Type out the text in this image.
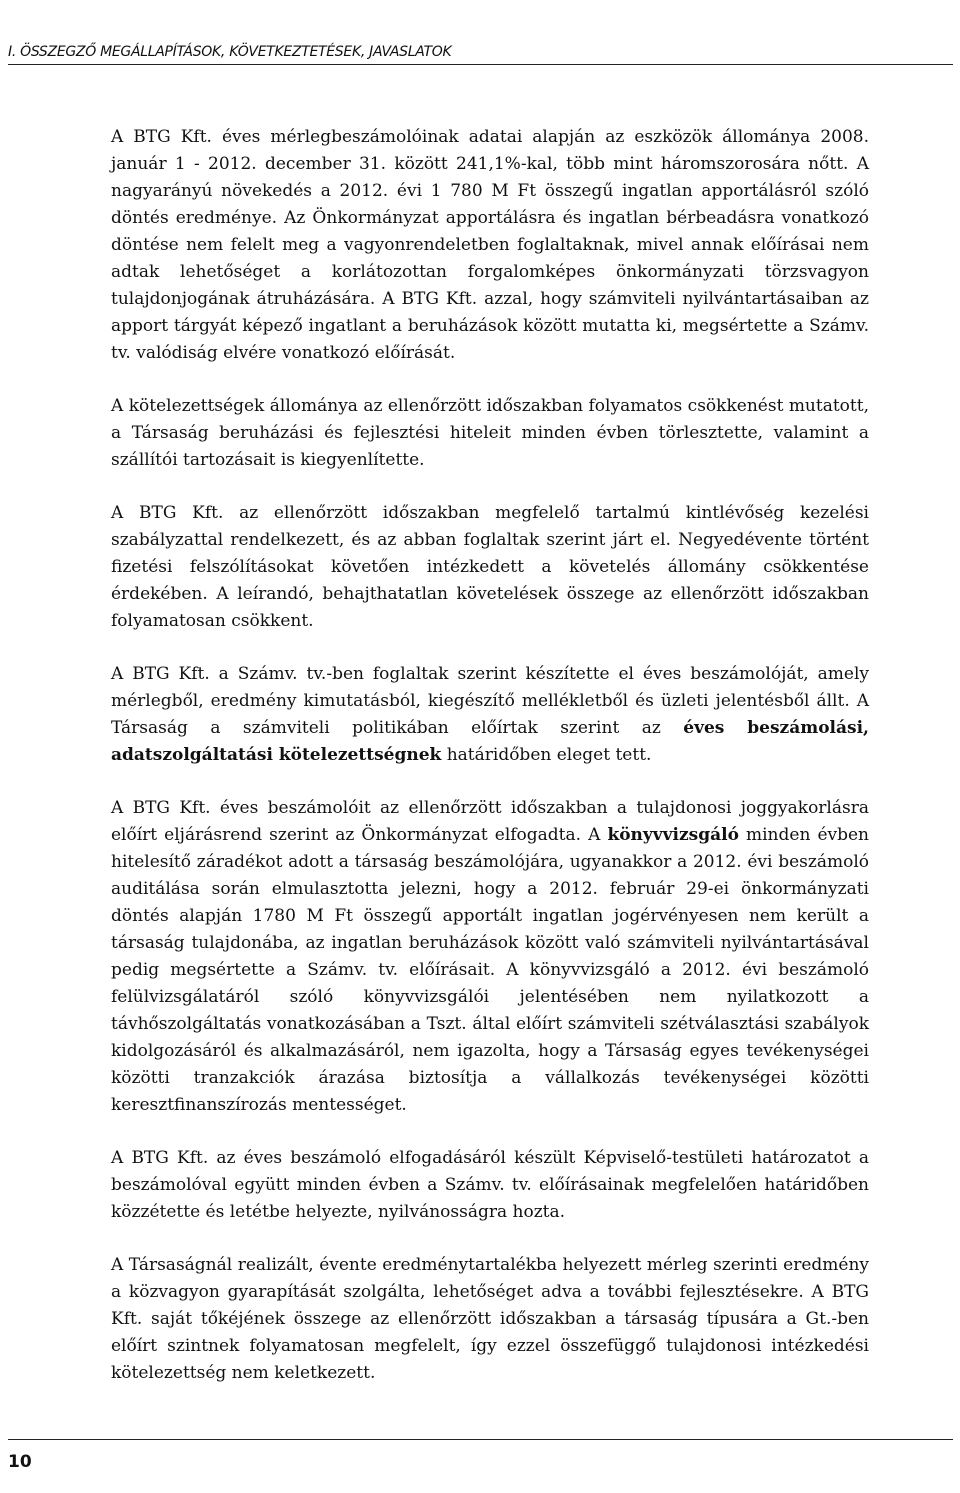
I. ÖSSZEGZŐ MEGÁLLAPÍTÁSOK, KÖVETKEZTETÉSEK, JAVASLATOK

A BTG Kft. éves mérlegbeszámolóinak adatai alapján az eszközök állománya 2008. január 1 - 2012. december 31. között 241,1%-kal, több mint háromszorosára nőtt. A nagyarányú növekedés a 2012. évi 1 780 M Ft összegű ingatlan apportálásról szóló döntés eredménye. Az Önkormányzat apportálásra és ingatlan bérbeadásra vonatkozó döntése nem felelt meg a vagyonrendeletben foglaltaknak, mivel annak előírásai nem adtak lehetőséget a korlátozottan forgalomképes önkormányzati törzsvagyon tulajdonjogának átruházására. A BTG Kft. azzal, hogy számviteli nyilvántartásaiban az apport tárgyát képező ingatlant a beruházások között mutatta ki, megsértette a Számv. tv. valódiság elvére vonatkozó előírását.

A kötelezettségek állománya az ellenőrzött időszakban folyamatos csökkenést mutatott, a Társaság beruházási és fejlesztési hiteleit minden évben törlesztette, valamint a szállítói tartozásait is kiegyenlítette.

A BTG Kft. az ellenőrzött időszakban megfelelő tartalmú kintlévőség kezelési szabályzattal rendelkezett, és az abban foglaltak szerint járt el. Negyedévente történt fizetési felszólításokat követően intézkedett a követelés állomány csökkentése érdekében. A leírandó, behajthatatlan követelések összege az ellenőrzött időszakban folyamatosan csökkent.

A BTG Kft. a Számv. tv.-ben foglaltak szerint készítette el éves beszámolóját, amely mérlegből, eredmény kimutatásból, kiegészítő mellékletből és üzleti jelentésből állt. A Társaság a számviteli politikában előírtak szerint az éves beszámolási, adatszolgáltatási kötelezettségnek határidőben eleget tett.

A BTG Kft. éves beszámolóit az ellenőrzött időszakban a tulajdonosi joggyakorlásra előírt eljárásrend szerint az Önkormányzat elfogadta. A könyvvizsgáló minden évben hitelesítő záradékot adott a társaság beszámolójára, ugyanakkor a 2012. évi beszámoló auditálása során elmulasztotta jelezni, hogy a 2012. február 29-ei önkormányzati döntés alapján 1780 M Ft összegű apportált ingatlan jogérvényesen nem került a társaság tulajdonába, az ingatlan beruházások között való számviteli nyilvántartásával pedig megsértette a Számv. tv. előírásait. A könyvvizsgáló a 2012. évi beszámoló felülvizsgálatáról szóló könyvvizsgálói jelentésében nem nyilatkozott a távhőszolgáltatás vonatkozásában a Tszt. által előírt számviteli szétválasztási szabályok kidolgozásáról és alkalmazásáról, nem igazolta, hogy a Társaság egyes tevékenységei közötti tranzakciók árazása biztosítja a vállalkozás tevékenységei közötti keresztfinanszírozás mentességet.

A BTG Kft. az éves beszámoló elfogadásáról készült Képviselő-testületi határozatot a beszámolóval együtt minden évben a Számv. tv. előírásainak megfelelően határidőben közzétette és letétbe helyezte, nyilvánosságra hozta.

A Társaságnál realizált, évente eredménytartalékba helyezett mérleg szerinti eredmény a közvagyon gyarapítását szolgálta, lehetőséget adva a további fejlesztésekre. A BTG Kft. saját tőkéjének összege az ellenőrzött időszakban a társaság típusára a Gt.-ben előírt szintnek folyamatosan megfelelt, így ezzel összefüggő tulajdonosi intézkedési kötelezettség nem keletkezett.

10
